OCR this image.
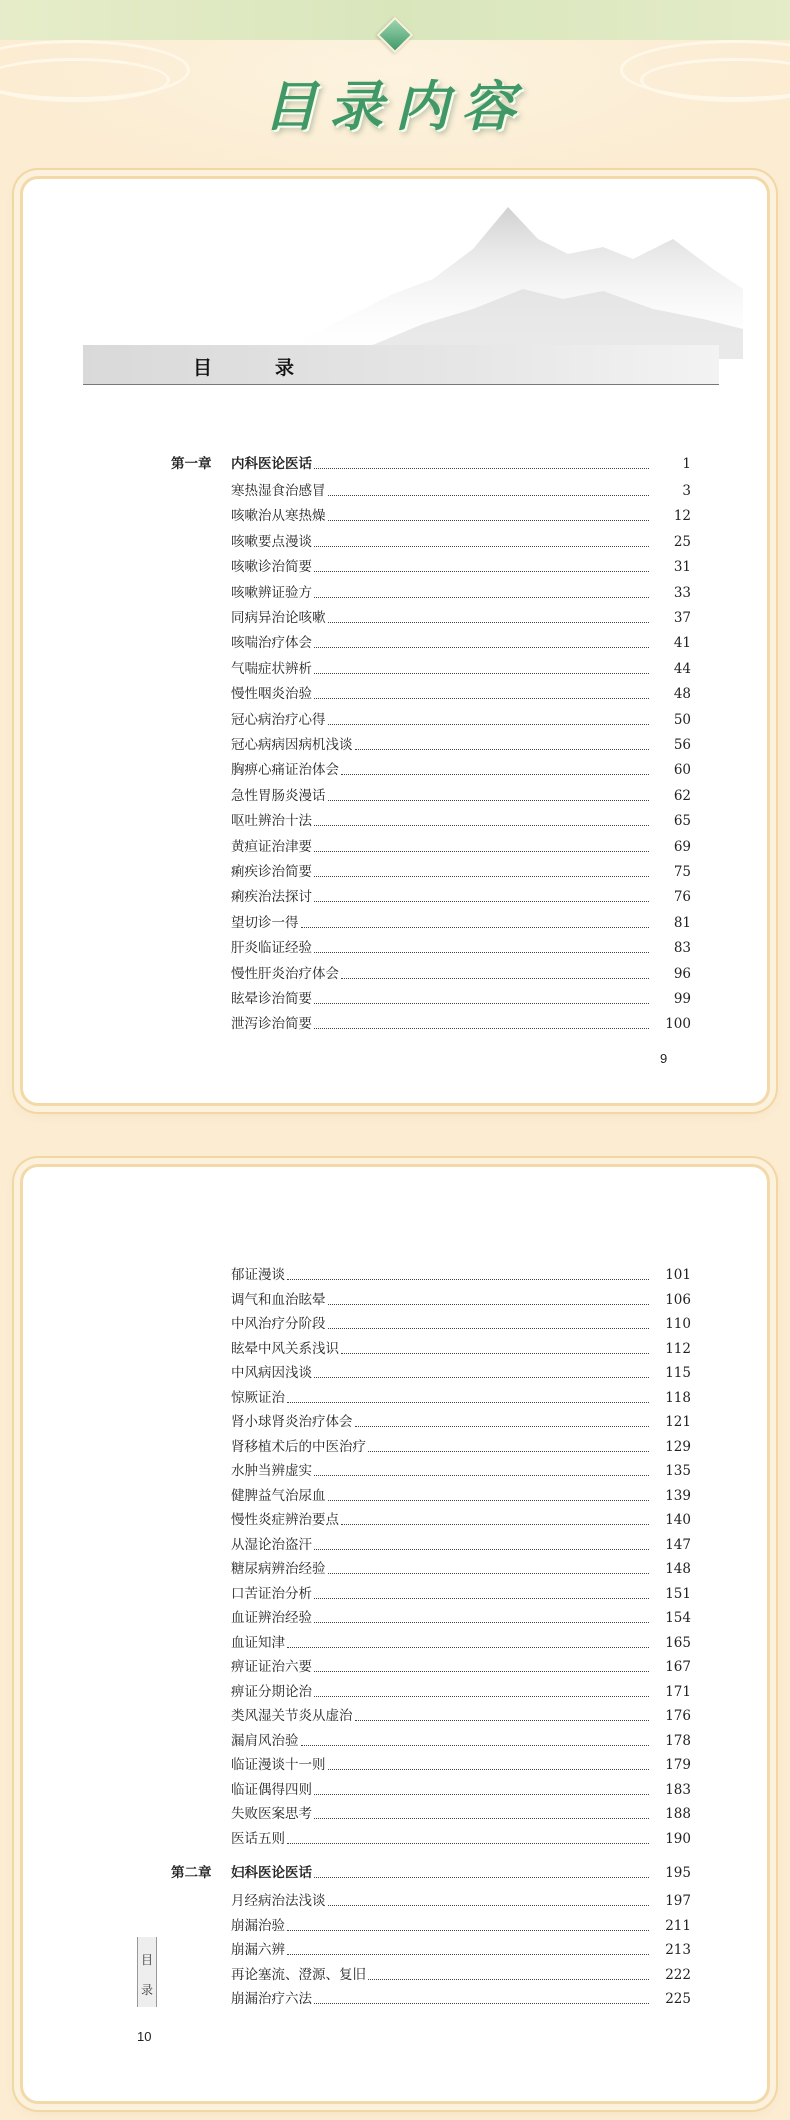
目录内容
目　录
第一章 内科医论医话	1
寒热湿食治感冒	3
咳嗽治从寒热燥	12
咳嗽要点漫谈	25
咳嗽诊治简要	31
咳嗽辨证验方	33
同病异治论咳嗽	37
咳喘治疗体会	41
气喘症状辨析	44
慢性咽炎治验	48
冠心病治疗心得	50
冠心病病因病机浅谈	56
胸痹心痛证治体会	60
急性胃肠炎漫话	62
呕吐辨治十法	65
黄疸证治津要	69
痢疾诊治简要	75
痢疾治法探讨	76
望切诊一得	81
肝炎临证经验	83
慢性肝炎治疗体会	96
眩晕诊治简要	99
泄泻诊治简要	100
9
郁证漫谈	101
调气和血治眩晕	106
中风治疗分阶段	110
眩晕中风关系浅识	112
中风病因浅谈	115
惊厥证治	118
肾小球肾炎治疗体会	121
肾移植术后的中医治疗	129
水肿当辨虚实	135
健脾益气治尿血	139
慢性炎症辨治要点	140
从湿论治盗汗	147
糖尿病辨治经验	148
口苦证治分析	151
血证辨治经验	154
血证知津	165
痹证证治六要	167
痹证分期论治	171
类风湿关节炎从虚治	176
漏肩风治验	178
临证漫谈十一则	179
临证偶得四则	183
失败医案思考	188
医话五则	190
第二章 妇科医论医话	195
月经病治法浅谈	197
崩漏治验	211
崩漏六辨	213
再论塞流、澄源、复旧	222
崩漏治疗六法	225
目　录
10
